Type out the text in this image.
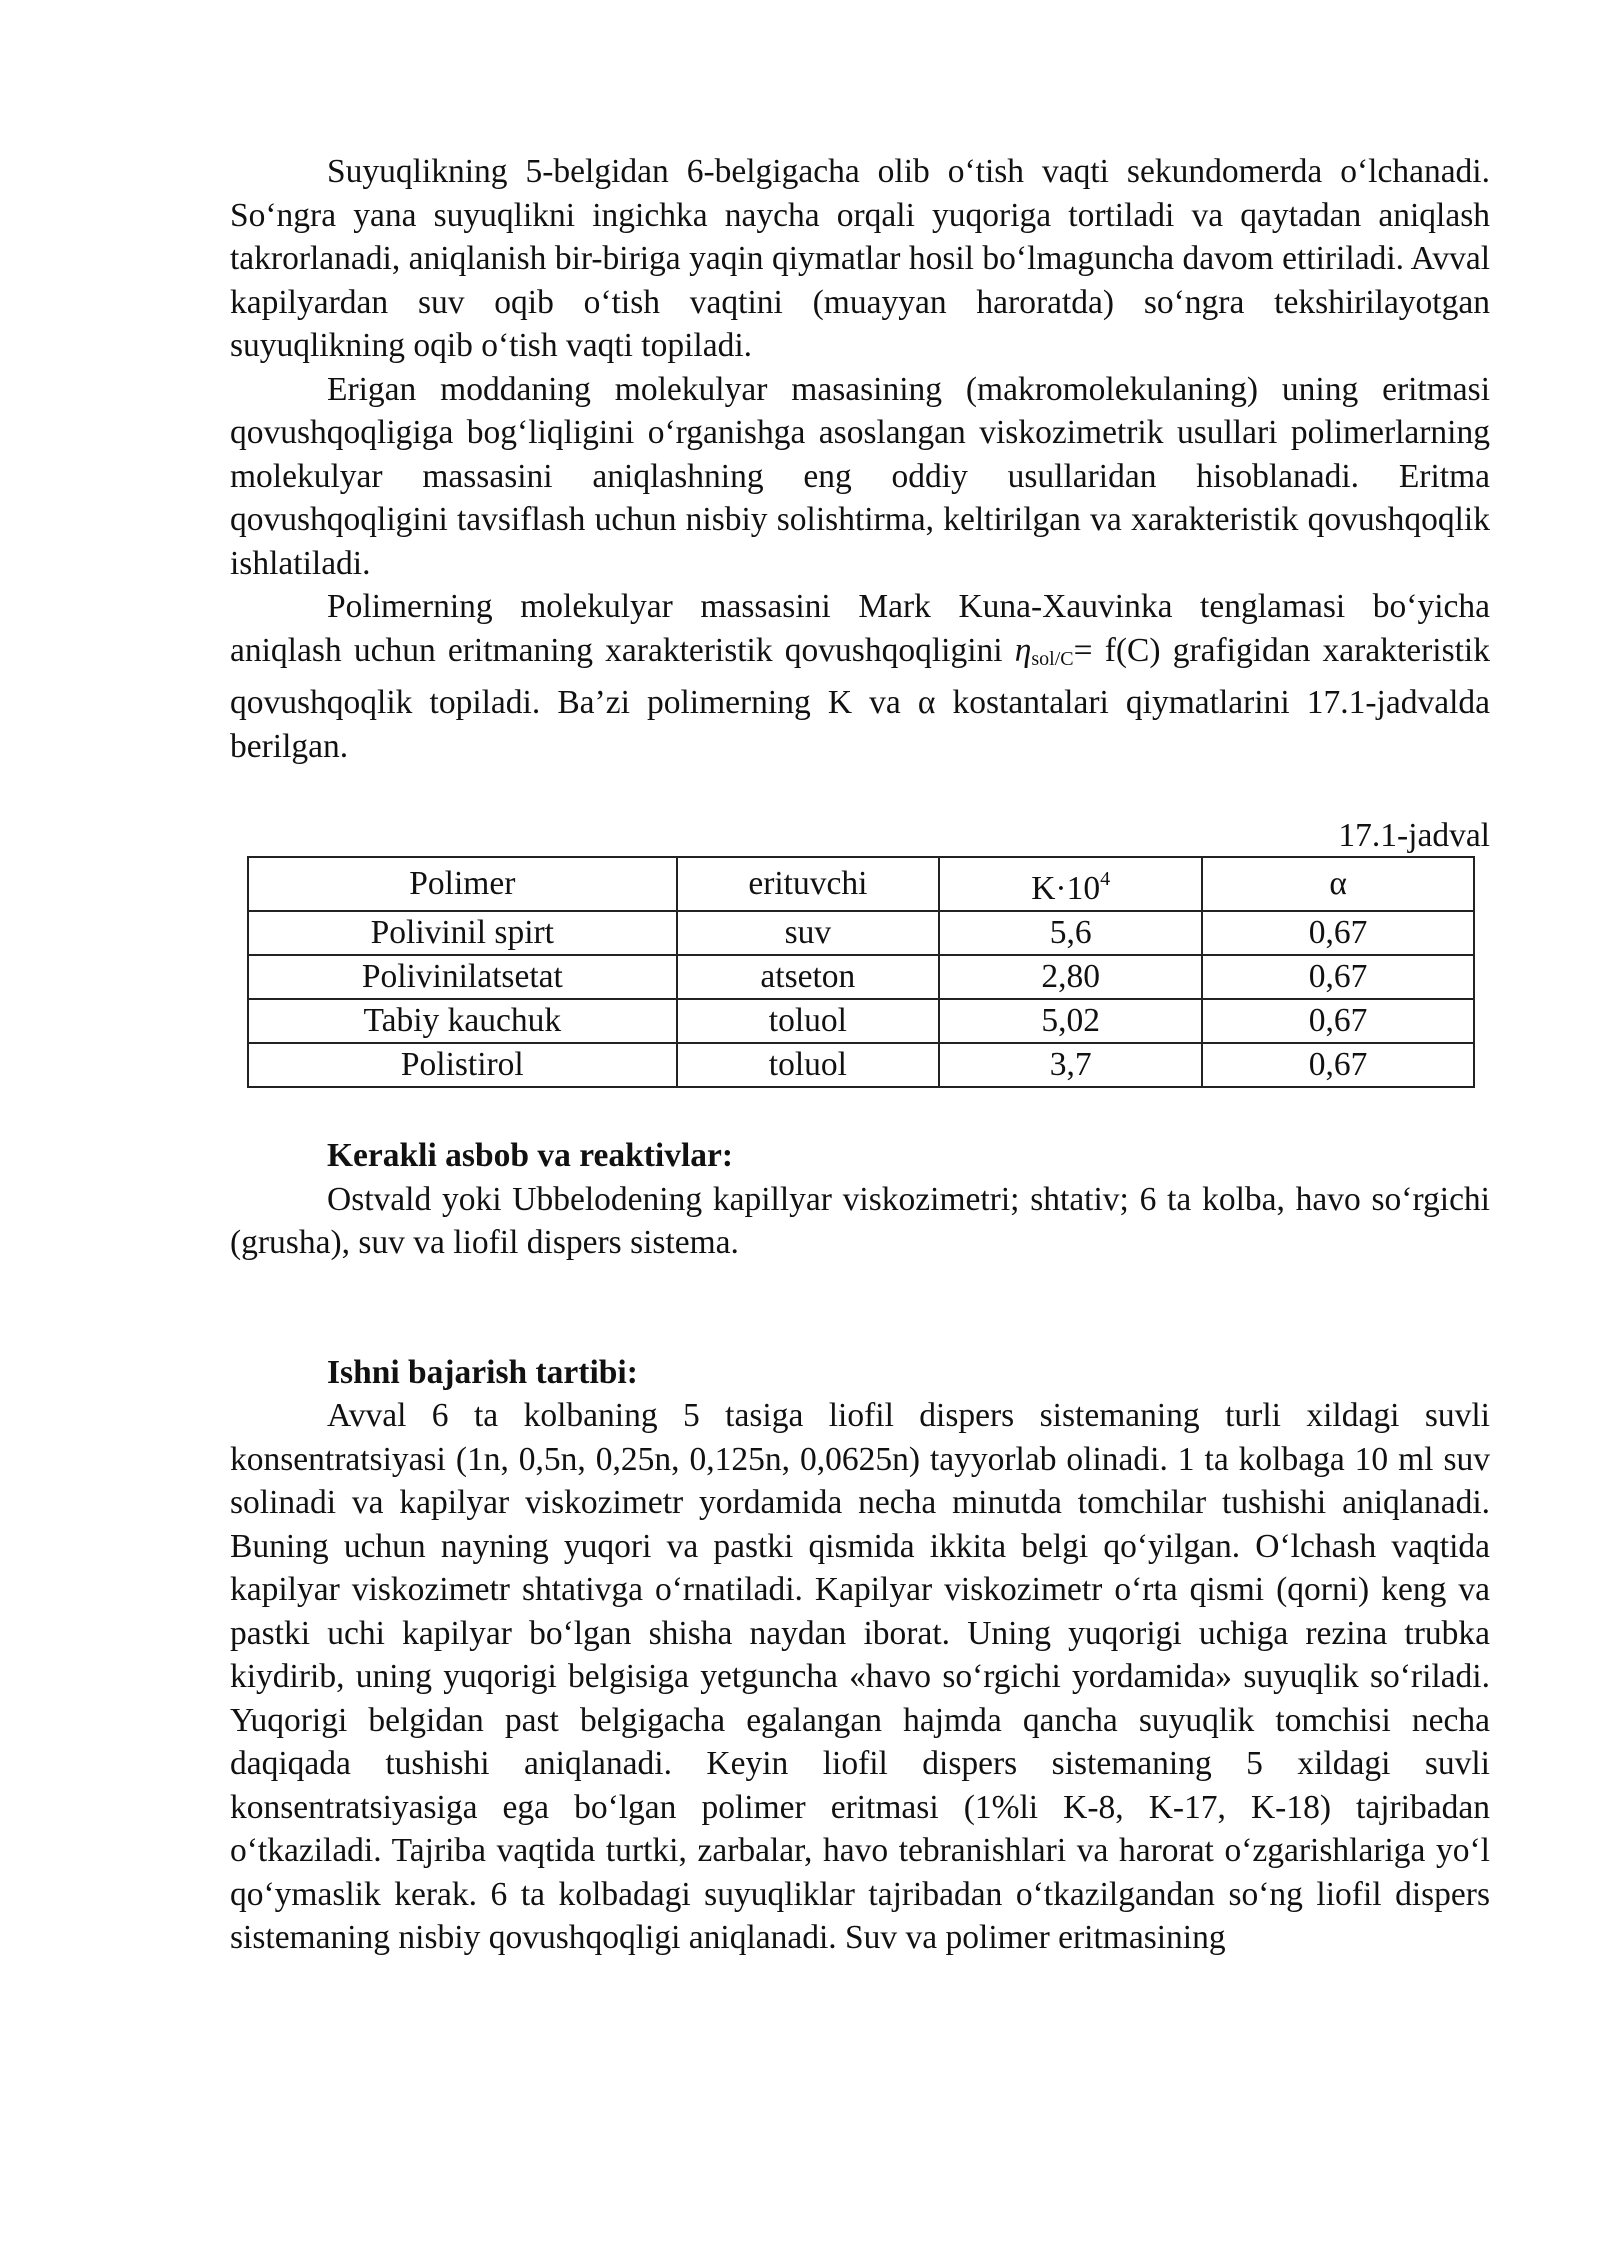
Suyuqlikning 5-belgidan 6-belgigacha olib o‘tish vaqti sekundomerda o‘lchanadi. So‘ngra yana suyuqlikni ingichka naycha orqali yuqoriga tortiladi va qaytadan aniqlash takrorlanadi, aniqlanish bir-biriga yaqin qiymatlar hosil bo‘lmaguncha davom ettiriladi. Avval kapilyardan suv oqib o‘tish vaqtini (muayyan haroratda) so‘ngra tekshirilayotgan suyuqlikning oqib o‘tish vaqti topiladi.

Erigan moddaning molekulyar masasining (makromolekulaning) uning eritmasi qovushqoqligiga bog‘liqligini o‘rganishga asoslangan viskozimetrik usullari polimerlarning molekulyar massasini aniqlashning eng oddiy usullaridan hisoblanadi. Eritma qovushqoqligini tavsiflash uchun nisbiy solishtirma, keltirilgan va xarakteristik qovushqoqlik ishlatiladi.

Polimerning molekulyar massasini Mark Kuna-Xauvinka tenglamasi bo‘yicha aniqlash uchun eritmaning xarakteristik qovushqoqligini $\eta_{sol/C}= f(C)$ grafigidan xarakteristik qovushqoqlik topiladi. Ba’zi polimerning K va α kostantalari qiymatlarini 17.1-jadvalda berilgan.

17.1-jadval
Polimer	erituvchi	$K\cdot 10^4$	α
Polivinil spirt	suv	5,6	0,67
Polivinilatsetat	atseton	2,80	0,67
Tabiy kauchuk	toluol	5,02	0,67
Polistirol	toluol	3,7	0,67
Kerakli asbob va reaktivlar:

Ostvald yoki Ubbelodening kapillyar viskozimetri; shtativ; 6 ta kolba, havo so‘rgichi (grusha), suv va liofil dispers sistema.

Ishni bajarish tartibi:

Avval 6 ta kolbaning 5 tasiga liofil dispers sistemaning turli xildagi suvli konsentratsiyasi (1n, 0,5n, 0,25n, 0,125n, 0,0625n) tayyorlab olinadi. 1 ta kolbaga 10 ml suv solinadi va kapilyar viskozimetr yordamida necha minutda tomchilar tushishi aniqlanadi. Buning uchun nayning yuqori va pastki qismida ikkita belgi qo‘yilgan. O‘lchash vaqtida kapilyar viskozimetr shtativga o‘rnatiladi. Kapilyar viskozimetr o‘rta qismi (qorni) keng va pastki uchi kapilyar bo‘lgan shisha naydan iborat. Uning yuqorigi uchiga rezina trubka kiydirib, uning yuqorigi belgisiga yetguncha «havo so‘rgichi yordamida» suyuqlik so‘riladi. Yuqorigi belgidan past belgigacha egalangan hajmda qancha suyuqlik tomchisi necha daqiqada tushishi aniqlanadi. Keyin liofil dispers sistemaning 5 xildagi suvli konsentratsiyasiga ega bo‘lgan polimer eritmasi (1%li K-8, K-17, K-18) tajribadan o‘tkaziladi. Tajriba vaqtida turtki, zarbalar, havo tebranishlari va harorat o‘zgarishlariga yo‘l qo‘ymaslik kerak. 6 ta kolbadagi suyuqliklar tajribadan o‘tkazilgandan so‘ng liofil dispers sistemaning nisbiy qovushqoqligi aniqlanadi. Suv va polimer eritmasining
